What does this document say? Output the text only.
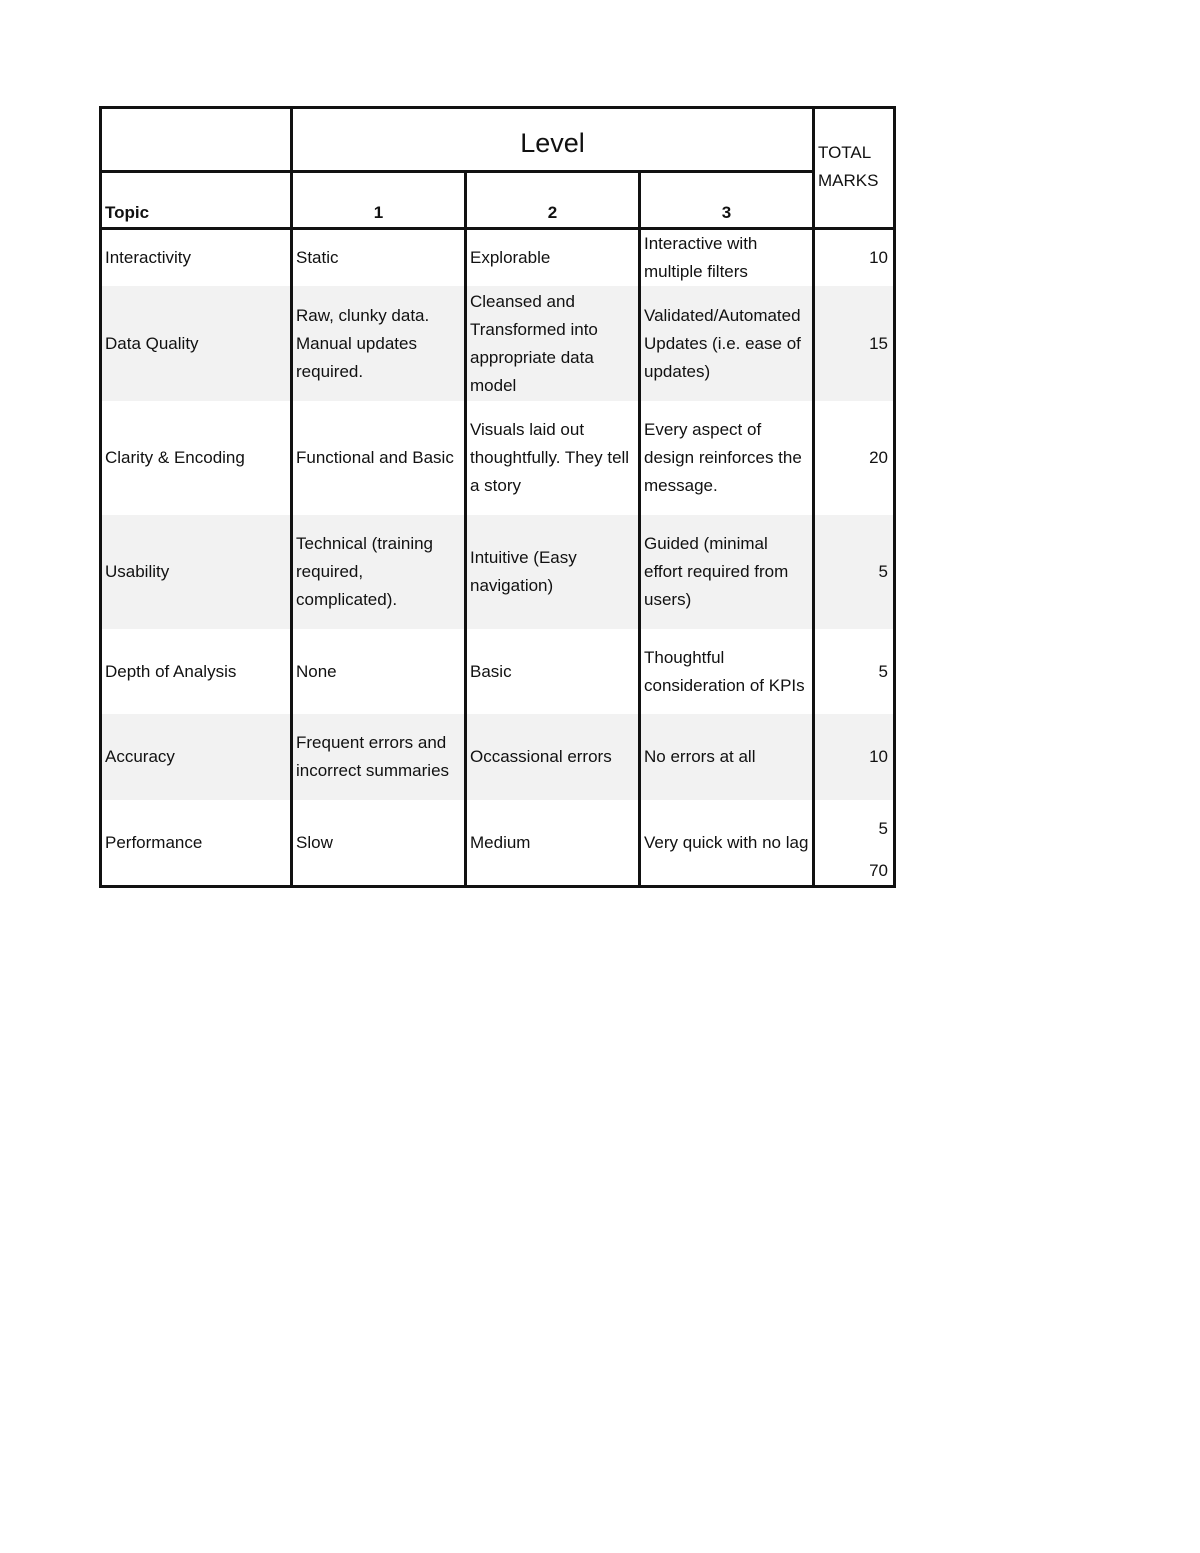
	Level			TOTAL
MARKS

Topic	1	2	3	
Interactivity	Static	Explorable	Interactive with multiple filters	10
Data Quality	Raw, clunky data. Manual updates required.	Cleansed and Transformed into appropriate data model	Validated/Automated Updates (i.e. ease of updates)	15
Clarity & Encoding	Functional and Basic	Visuals laid out thoughtfully. They tell a story	Every aspect of design reinforces the message.	20
Usability	Technical (training required, complicated).	Intuitive (Easy navigation)	Guided (minimal effort required from users)	5
Depth of Analysis	None	Basic	Thoughtful consideration of KPIs	5
Accuracy	Frequent errors and incorrect summaries	Occassional errors	No errors at all	10
Performance	Slow	Medium	Very quick with no lag	5
				70
